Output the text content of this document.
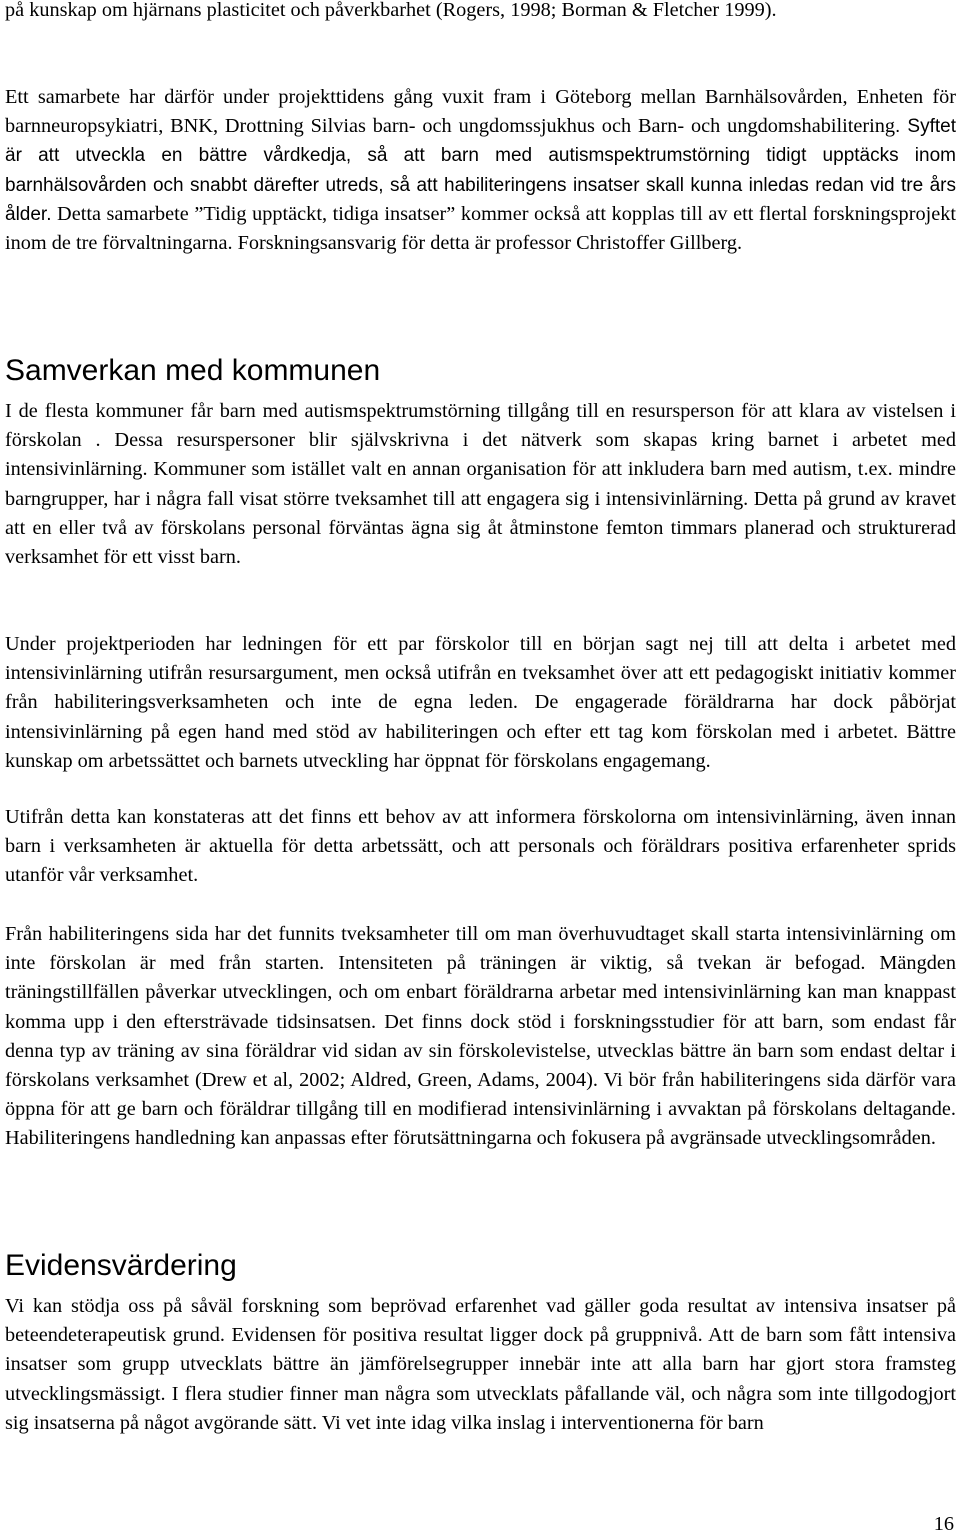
på kunskap om hjärnans plasticitet och påverkbarhet (Rogers, 1998; Borman & Fletcher 1999).

Ett samarbete har därför under projekttidens gång vuxit fram i Göteborg mellan Barnhälsovården, Enheten för barnneuropsykiatri, BNK, Drottning Silvias barn- och ungdomssjukhus och Barn- och ungdomshabilitering. Syftet är att utveckla en bättre vårdkedja, så att barn med autismspektrumstörning tidigt upptäcks inom barnhälsovården och snabbt därefter utreds, så att habiliteringens insatser skall kunna inledas redan vid tre års ålder. Detta samarbete ”Tidig upptäckt, tidiga insatser” kommer också att kopplas till av ett flertal forskningsprojekt inom de tre förvaltningarna. Forskningsansvarig för detta är professor Christoffer Gillberg.

Samverkan med kommunen

I de flesta kommuner får barn med autismspektrumstörning tillgång till en resursperson för att klara av vistelsen i förskolan . Dessa resurspersoner blir självskrivna i det nätverk som skapas kring barnet i arbetet med intensivinlärning. Kommuner som istället valt en annan organisation för att inkludera barn med autism, t.ex. mindre barngrupper, har i några fall visat större tveksamhet till att engagera sig i intensivinlärning. Detta på grund av kravet att en eller två av förskolans personal förväntas ägna sig åt åtminstone femton timmars planerad och strukturerad verksamhet för ett visst barn.

Under projektperioden har ledningen för ett par förskolor till en början sagt nej till att delta i arbetet med intensivinlärning utifrån resursargument, men också utifrån en tveksamhet över att ett pedagogiskt initiativ kommer från habiliteringsverksamheten och inte de egna leden. De engagerade föräldrarna har dock påbörjat intensivinlärning på egen hand med stöd av habiliteringen och efter ett tag kom förskolan med i arbetet. Bättre kunskap om arbetssättet och barnets utveckling har öppnat för förskolans engagemang.

Utifrån detta kan konstateras att det finns ett behov av att informera förskolorna om intensivinlärning, även innan barn i verksamheten är aktuella för detta arbetssätt, och att personals och föräldrars positiva erfarenheter sprids utanför vår verksamhet.

Från habiliteringens sida har det funnits tveksamheter till om man överhuvudtaget skall starta intensivinlärning om inte förskolan är med från starten. Intensiteten på träningen är viktig, så tvekan är befogad. Mängden träningstillfällen påverkar utvecklingen, och om enbart föräldrarna arbetar med intensivinlärning kan man knappast komma upp i den eftersträvade tidsinsatsen. Det finns dock stöd i forskningsstudier för att barn, som endast får denna typ av träning av sina föräldrar vid sidan av sin förskolevistelse, utvecklas bättre än barn som endast deltar i förskolans verksamhet (Drew et al, 2002; Aldred, Green, Adams, 2004). Vi bör från habiliteringens sida därför vara öppna för att ge barn och föräldrar tillgång till en modifierad intensivinlärning i avvaktan på förskolans deltagande. Habiliteringens handledning kan anpassas efter förutsättningarna och fokusera på avgränsade utvecklingsområden.

Evidensvärdering

Vi kan stödja oss på såväl forskning som beprövad erfarenhet vad gäller goda resultat av intensiva insatser på beteendeterapeutisk grund. Evidensen för positiva resultat ligger dock på gruppnivå. Att de barn som fått intensiva insatser som grupp utvecklats bättre än jämförelsegrupper innebär inte att alla barn har gjort stora framsteg utvecklingsmässigt. I flera studier finner man några som utvecklats påfallande väl, och några som inte tillgodogjort sig insatserna på något avgörande sätt. Vi vet inte idag vilka inslag i interventionerna för barn

16
